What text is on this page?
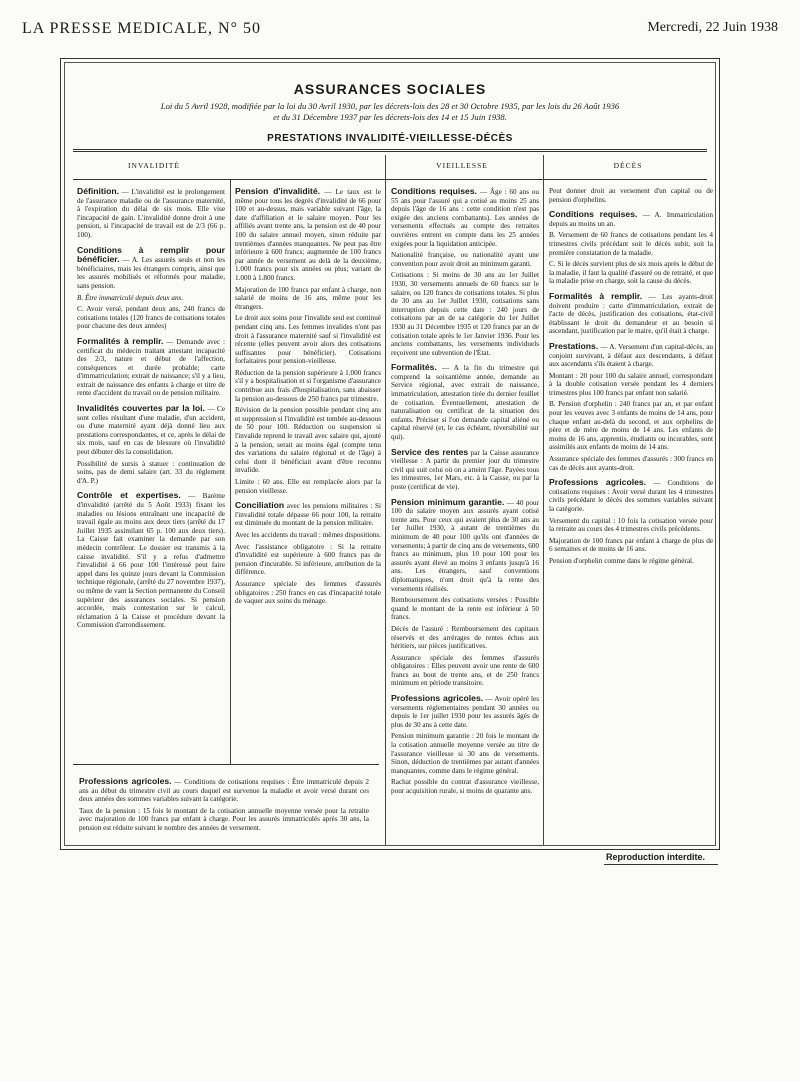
LA PRESSE MEDICALE, N° 50	Mercredi, 22 Juin 1938
ASSURANCES SOCIALES
Loi du 5 Avril 1928, modifiée par la loi du 30 Avril 1930, par les décrets-lois des 28 et 30 Octobre 1935, par les lois du 26 Août 1936
et du 31 Décembre 1937 par les décrets-lois des 14 et 15 Juin 1938.
PRESTATIONS INVALIDITÉ-VIEILLESSE-DÉCÈS
INVALIDITÉ	VIEILLESSE	DÉCÈS

Définition. — L'invalidité est le prolongement de l'assurance maladie ou de l'assurance maternité, à l'expiration du délai de six mois. Elle vise l'incapacité de gain. L'invalidité donne droit à une pension, si l'incapacité de travail est de 2/3 (66 p. 100).

Conditions à remplir pour bénéficier. — A. Les assurés seuls et non les bénéficiaires, mais les étrangers compris, ainsi que les assurés mobilisés et réformés pour maladie, sans pension.

B. Être immatriculé depuis deux ans.

C. Avoir versé, pendant deux ans, 240 francs de cotisations totales (120 francs de cotisations totales pour chacune des deux années)

Formalités à remplir. — Demande avec : certificat du médecin traitant attestant incapacité des 2/3, nature et début de l'affection, conséquences et durée probable; carte d'immatriculation; extrait de naissance; s'il y a lieu, extrait de naissance des enfants à charge et titre de rente d'accident du travail ou de pension militaire.

Invalidités couvertes par la loi. — Ce sont celles résultant d'une maladie, d'un accident, ou d'une maternité ayant déjà donné lieu aux prestations correspondantes, et ce, après le délai de six mois, sauf en cas de blessure où l'invalidité peut débuter dès la consolidation.

Possibilité de sursis à statuer : continuation de soins, pas de demi salaire (art. 33 du règlement d'A. P.)

Contrôle et expertises. — Barème d'invalidité (arrêté du 5 Août 1933) fixant les maladies ou lésions entraînant une incapacité de travail égale au moins aux deux tiers (arrêté du 17 Juillet 1935 assimilant 65 p. 100 aux deux tiers). La Caisse fait examiner la demande par son médecin contrôleur. Le dossier est transmis à la caisse invalidité. S'il y a refus d'admettre l'invalidité à 66 pour 100 l'intéressé peut faire appel dans les quinze jours devant la Commission technique régionale, (arrêté du 27 novembre 1937), ou même de vant la Section permanente du Conseil supérieur des assurances sociales. Si pension accordée, mais contestation sur le calcul, réclamation à la Caisse et procédure devant la Commission d'arrondissement.

Pension d'invalidité. — Le taux est le même pour tous les degrés d'invalidité de 66 pour 100 et au-dessus, mais variable suivant l'âge, la date d'affiliation et le salaire moyen. Pour les affiliés avant trente ans, la pension est de 40 pour 100 du salaire annuel moyen, sinon réduite par trentièmes d'années manquantes. Ne peut pas être inférieure à 600 francs; augmentée de 100 francs par année de versement au delà de la deuxième, 1.000 francs pour six années ou plus; variant de 1.000 à 1.800 francs.

Majoration de 100 francs par enfant à charge, non salarié de moins de 16 ans, même pour les étrangers.

Le droit aux soins pour l'invalide seul est continué pendant cinq ans. Les femmes invalides n'ont pas droit à l'assurance maternité sauf si l'invalidité est récente (elles peuvent avoir alors des cotisations suffisantes pour bénéficier). Cotisations forfaitaires pour pension-vieillesse.

Réduction de la pension supérieure à 1.000 francs s'il y a hospitalisation et si l'organisme d'assurance contribue aux frais d'hospitalisation, sans abaisser la pension au-dessous de 250 francs par trimestre.

Révision de la pension possible pendant cinq ans et suppression si l'invalidité est tombée au-dessous de 50 pour 100. Réduction ou suspension si l'invalide reprend le travail avec salaire qui, ajouté à la pension, serait au moins égal (compte tenu des variations du salaire régional et de l'âge) à celui dont il bénéficiait avant d'être reconnu invalide.

Limite : 60 ans. Elle est remplacée alors par la pension vieillesse.

Conciliation avec les pensions militaires : Si l'invalidité totale dépasse 66 pour 100, la retraite est diminuée du montant de la pension militaire.

Avec les accidents du travail : mêmes dispositions.

Avec l'assistance obligatoire : Si la retraite d'invalidité est supérieure à 600 francs pas de pension d'incurable. Si inférieure, attribution de la différence.

Assurance spéciale des femmes d'assurés obligatoires : 250 francs en cas d'incapacité totale de vaquer aux soins du ménage.

Conditions requises. — Âge : 60 ans ou 55 ans pour l'assuré qui a cotisé au moins 25 ans depuis l'âge de 16 ans : cette condition n'est pas exigée des anciens combattants). Les années de versements effectués au compte des retraites ouvrières entrent en compte dans les 25 années exigées pour la liquidation anticipée.

Nationalité française, ou nationalité ayant une convention pour avoir droit au minimum garanti.

Cotisations : Si moins de 30 ans au 1er Juillet 1930, 30 versements annuels de 60 francs sur le salaire, ou 120 francs de cotisations totales. Si plus de 30 ans au 1er Juillet 1930, cotisations sans interruption depuis cette date : 240 jours de cotisations par an de sa catégorie du 1er Juillet 1930 au 31 Décembre 1935 et 120 francs par an de cotisation totale après le 1er Janvier 1936. Pour les anciens combattants, les versements individuels reçoivent une subvention de l'État.

Formalités. — A la fin du trimestre qui comprend la soixantième année, demande au Service régional, avec extrait de naissance, immatriculation, attestation tirée du dernier feuillet de cotisation. Éventuellement, attestation de naturalisation ou certificat de la situation des enfants. Préciser si l'on demande capital aliéné ou capital réservé (et, le cas échéant, réversibilité sur qui).

Service des rentes par la Caisse assurance vieillesse : A partir du premier jour du trimestre civil qui suit celui où on a atteint l'âge. Payées tous les trimestres, 1er Mars, etc. à la Caisse, ou par la poste (certificat de vie).

Pension minimum garantie. — 40 pour 100 du salaire moyen aux assurés ayant cotisé trente ans. Pour ceux qui avaient plus de 30 ans au 1er Juillet 1930, à autant de trentièmes du minimum de 40 pour 100 qu'ils ont d'années de versements; à partir de cinq ans de versements, 600 francs au minimum, plus 10 pour 100 pour les assurés ayant élevé au moins 3 enfants jusqu'à 16 ans. Les étrangers, sauf conventions diplomatiques, n'ont droit qu'à la rente des versements réalisés.

Remboursement des cotisations versées : Possible quand le montant de la rente est inférieur à 50 francs.

Décès de l'assuré : Remboursement des capitaux réservés et des arrérages de rentes échus aux héritiers, sur pièces justificatives.

Assurance spéciale des femmes d'assurés obligatoires : Elles peuvent avoir une rente de 600 francs au bout de trente ans, et de 250 francs minimum en période transitoire.

Professions agricoles. — Avoir opéré les versements réglementaires pendant 30 années ou depuis le 1er juillet 1930 pour les assurés âgés de plus de 30 ans à cette date.

Pension minimum garantie : 20 fois le montant de la cotisation annuelle moyenne versée au titre de l'assurance vieillesse si 30 ans de versements. Sinon, déduction de trentièmes par autant d'années manquantes, comme dans le régime général.

Rachat possible du contrat d'assurance vieillesse, pour acquisition rurale, si moins de quarante ans.

Peut donner droit au versement d'un capital ou de pension d'orphelins.

Conditions requises. — A. Immatriculation depuis au moins un an.

B. Versement de 60 francs de cotisations pendant les 4 trimestres civils précédant soit le décès subit, soit la première constatation de la maladie.

C. Si le décès survient plus de six mois après le début de la maladie, il faut la qualité d'assuré ou de retraité, et que la maladie prise en charge, soit la cause du décès.

Formalités à remplir. — Les ayants-droit doivent produire : carte d'immatriculation, extrait de l'acte de décès, justification des cotisations, état-civil établissant le droit du demandeur et au besoin si ascendant, justification par le maire, qu'il était à charge.

Prestations. — A. Versement d'un capital-décès, au conjoint survivant, à défaut aux descendants, à défaut aux ascendants s'ils étaient à charge.

Montant : 20 pour 100 du salaire annuel, correspondant à la double cotisation versée pendant les 4 derniers trimestres plus 100 francs par enfant non salarié.

B. Pension d'orphelin : 240 francs par an, et par enfant pour les veuves avec 3 enfants de moins de 14 ans, pour chaque enfant au-delà du second, et aux orphelins de père et de mère de moins de 14 ans. Les enfants de moins de 16 ans, apprentis, étudiants ou incurables, sont assimilés aux enfants de moins de 14 ans.

Assurance spéciale des femmes d'assurés : 300 francs en cas de décès aux ayants-droit.

Professions agricoles. — Conditions de cotisations requises : Avoir versé durant les 4 trimestres civils précédant le décès des sommes variables suivant la catégorie.

Versement du capital : 10 fois la cotisation versée pour la retraite au cours des 4 trimestres civils précédents.

Majoration de 100 francs par enfant à charge de plus de 6 semaines et de moins de 16 ans.

Pension d'orphelin comme dans le régime général.

Professions agricoles. — Conditions de cotisations requises : Être immatriculé depuis 2 ans au début du trimestre civil au cours duquel est survenue la maladie et avoir versé durant ces deux années des sommes variables suivant la catégorie.

Taux de la pension : 15 fois le montant de la cotisation annuelle moyenne versée pour la retraite avec majoration de 100 francs par enfant à charge. Pour les assurés immatriculés après 30 ans, la pension est réduite suivant le nombre des années de versement.

Reproduction interdite.
